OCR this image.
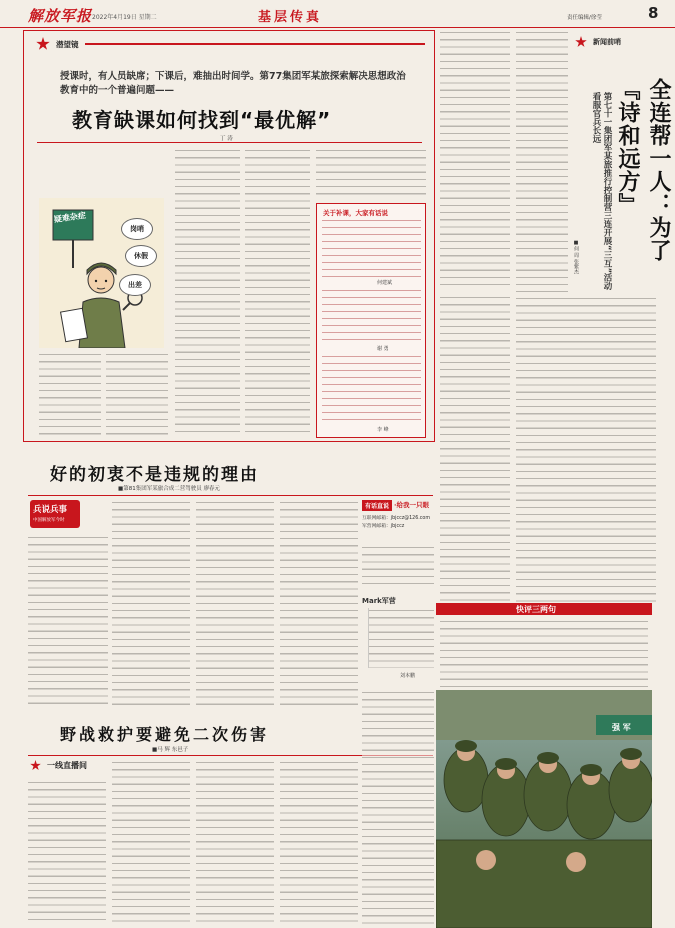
解放军报 2022年4月19日 星期二	基层传真	责任编辑/徐莹	8
潜望镜
授课时，有人员缺席；下课后，难抽出时间学。第77集团军某旅探索解决思想政治
教育中的一个普遍问题——
教育缺课如何找到“最优解”
丁 涛

疑难杂症
岗哨
休假
出差
关于补课，大家有话说
何建斌
谢 勇
李 峰
好的初衷不是违规的理由
■第81集团军某旅合成二营驾驶员 廖春元
兵说兵事
中国解放军今时
有话直说 ·给我一只眼
互联网邮箱：jbjccz@126.com
军营网邮箱：jbjccz
Mark军营
刘本鹏
野战救护要避免二次伤害
■马 辉 东邑子
一线直播间
新闻前哨
全连帮一人：为了『诗和远方』
第七十一集团军某旅推行控制营三连开展“三互”活动看服官兵长远
■何 周 张紫杰
快评三两句
强 军
